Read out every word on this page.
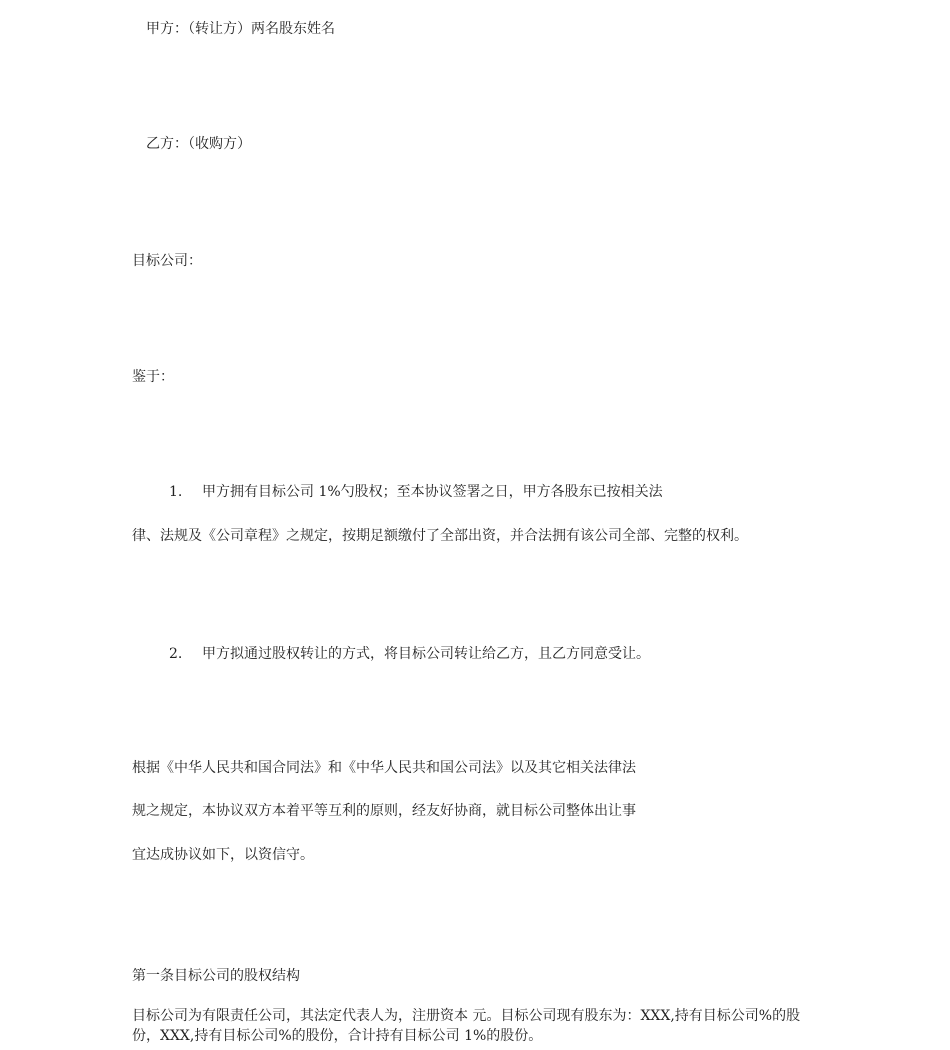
甲方：（转让方）两名股东姓名
乙方：（收购方）
目标公司：
鉴于：
1. 甲方拥有目标公司 1%勺股权；至本协议签署之日，甲方各股东已按相关法
律、法规及《公司章程》之规定，按期足额缴付了全部出资，并合法拥有该公司全部、完整的权利。
2. 甲方拟通过股权转让的方式，将目标公司转让给乙方，且乙方同意受让。
根据《中华人民共和国合同法》和《中华人民共和国公司法》以及其它相关法律法
规之规定，本协议双方本着平等互利的原则，经友好协商，就目标公司整体出让事
宜达成协议如下，以资信守。
第一条目标公司的股权结构
目标公司为有限责任公司，其法定代表人为，注册资本 元。目标公司现有股东为：XXX,持有目标公司%的股份，XXX,持有目标公司%的股份，合计持有目标公司 1%的股份。
